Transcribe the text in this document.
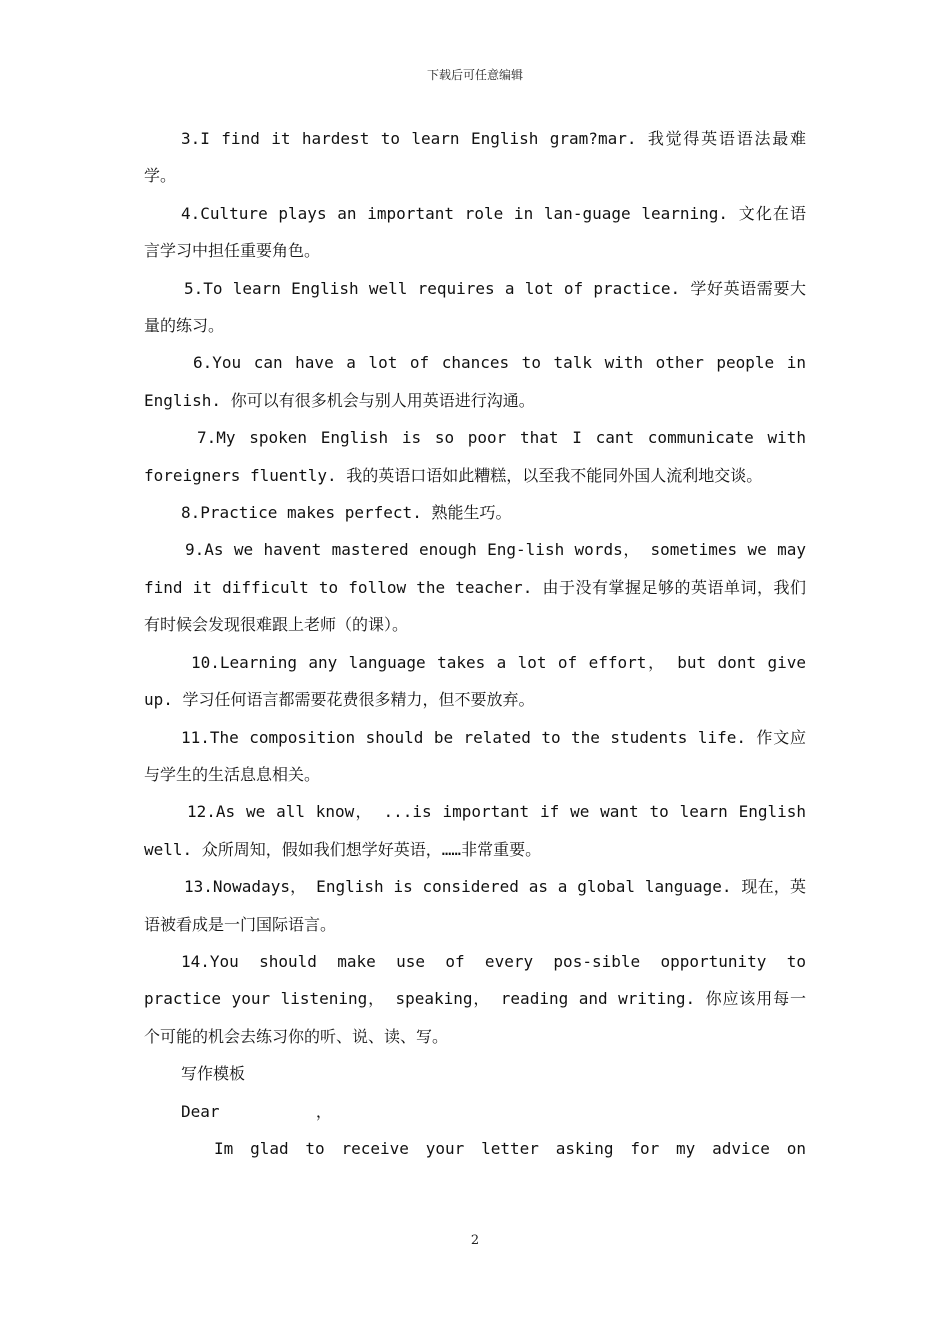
下载后可任意编辑

3.I find it hardest to learn English gram?mar. 我觉得英语语法最难学。

4.Culture plays an important role in lan-guage learning. 文化在语言学习中担任重要角色。

5.To learn English well requires a lot of practice. 学好英语需要大量的练习。

6.You can have a lot of chances to talk with other people in English. 你可以有很多机会与别人用英语进行沟通。

7.My spoken English is so poor that I cant communicate with foreigners fluently. 我的英语口语如此糟糕，以至我不能同外国人流利地交谈。

8.Practice makes perfect. 熟能生巧。

9.As we havent mastered enough Eng-lish words， sometimes we may find it difficult to follow the teacher. 由于没有掌握足够的英语单词，我们有时候会发现很难跟上老师（的课）。

10.Learning any language takes a lot of effort， but dont give up. 学习任何语言都需要花费很多精力，但不要放弃。

11.The composition should be related to the students life. 作文应与学生的生活息息相关。

12.As we all know， ...is important if we want to learn English well. 众所周知，假如我们想学好英语，……非常重要。

13.Nowadays， English is considered as a global language. 现在，英语被看成是一门国际语言。

14.You should make use of every pos-sible opportunity to practice your listening， speaking， reading and writing. 你应该用每一个可能的机会去练习你的听、说、读、写。

写作模板

Dear          ，

Im glad to receive your letter asking for my advice on

2
